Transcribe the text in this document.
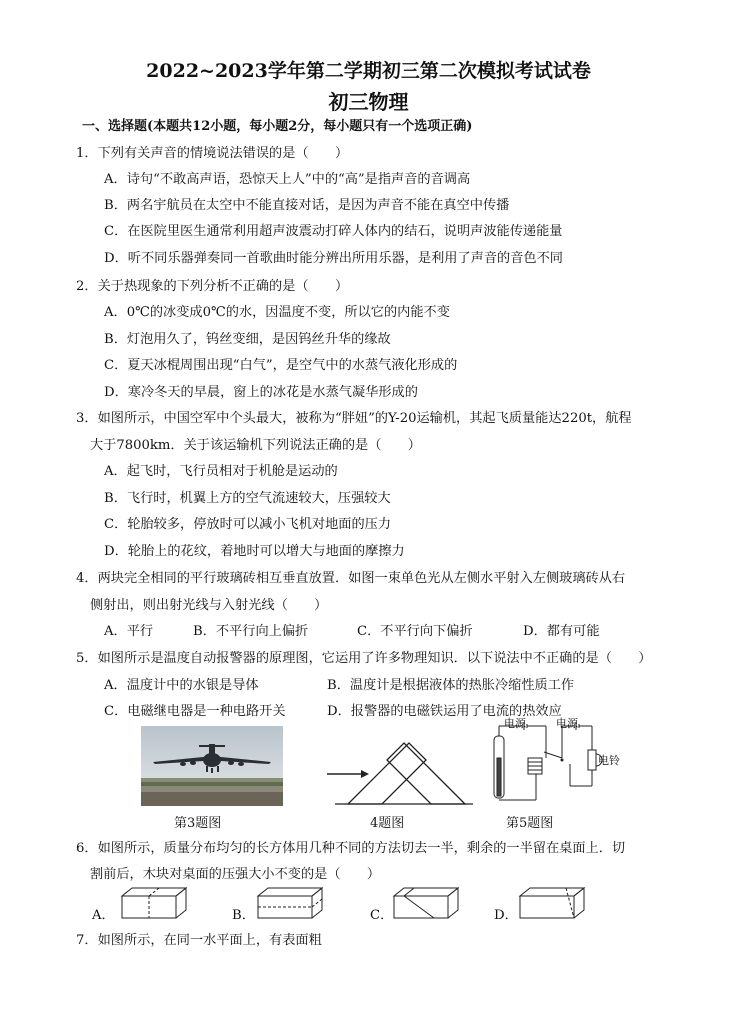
2022~2023学年第二学期初三第二次模拟考试试卷
初三物理
一、选择题(本题共12小题，每小题2分，每小题只有一个选项正确)
1．下列有关声音的情境说法错误的是（　　）
A．诗句“不敢高声语，恐惊天上人”中的“高”是指声音的音调高
B．两名宇航员在太空中不能直接对话，是因为声音不能在真空中传播
C．在医院里医生通常利用超声波震动打碎人体内的结石，说明声波能传递能量
D．听不同乐器弹奏同一首歌曲时能分辨出所用乐器，是利用了声音的音色不同
2．关于热现象的下列分析不正确的是（　　）
A．0℃的冰变成0℃的水，因温度不变，所以它的内能不变
B．灯泡用久了，钨丝变细，是因钨丝升华的缘故
C．夏天冰棍周围出现“白气”，是空气中的水蒸气液化形成的
D．寒冷冬天的早晨，窗上的冰花是水蒸气凝华形成的
3．如图所示，中国空军中个头最大，被称为“胖妞”的Y-20运输机，其起飞质量能达220t，航程
大于7800km．关于该运输机下列说法正确的是（　　）
A．起飞时，飞行员相对于机舱是运动的
B．飞行时，机翼上方的空气流速较大，压强较大
C．轮胎较多，停放时可以减小飞机对地面的压力
D．轮胎上的花纹，着地时可以增大与地面的摩擦力
4．两块完全相同的平行玻璃砖相互垂直放置．如图一束单色光从左侧水平射入左侧玻璃砖从右
侧射出，则出射光线与入射光线（　　）
A．平行	B．不平行向上偏折	C．不平行向下偏折	D．都有可能
5．如图所示是温度自动报警器的原理图，它运用了许多物理知识．以下说法中不正确的是（　　）
A．温度计中的水银是导体	B．温度计是根据液体的热胀冷缩性质工作
C．电磁继电器是一种电路开关	D．报警器的电磁铁运用了电流的热效应
第3题图	4题图
电源	电源
电铃
第5题图
6．如图所示，质量分布均匀的长方体用几种不同的方法切去一半，剩余的一半留在桌面上．切
割前后，木块对桌面的压强大小不变的是（　　）
A．	B．	C．	D．
7．如图所示，在同一水平面上，有表面粗
